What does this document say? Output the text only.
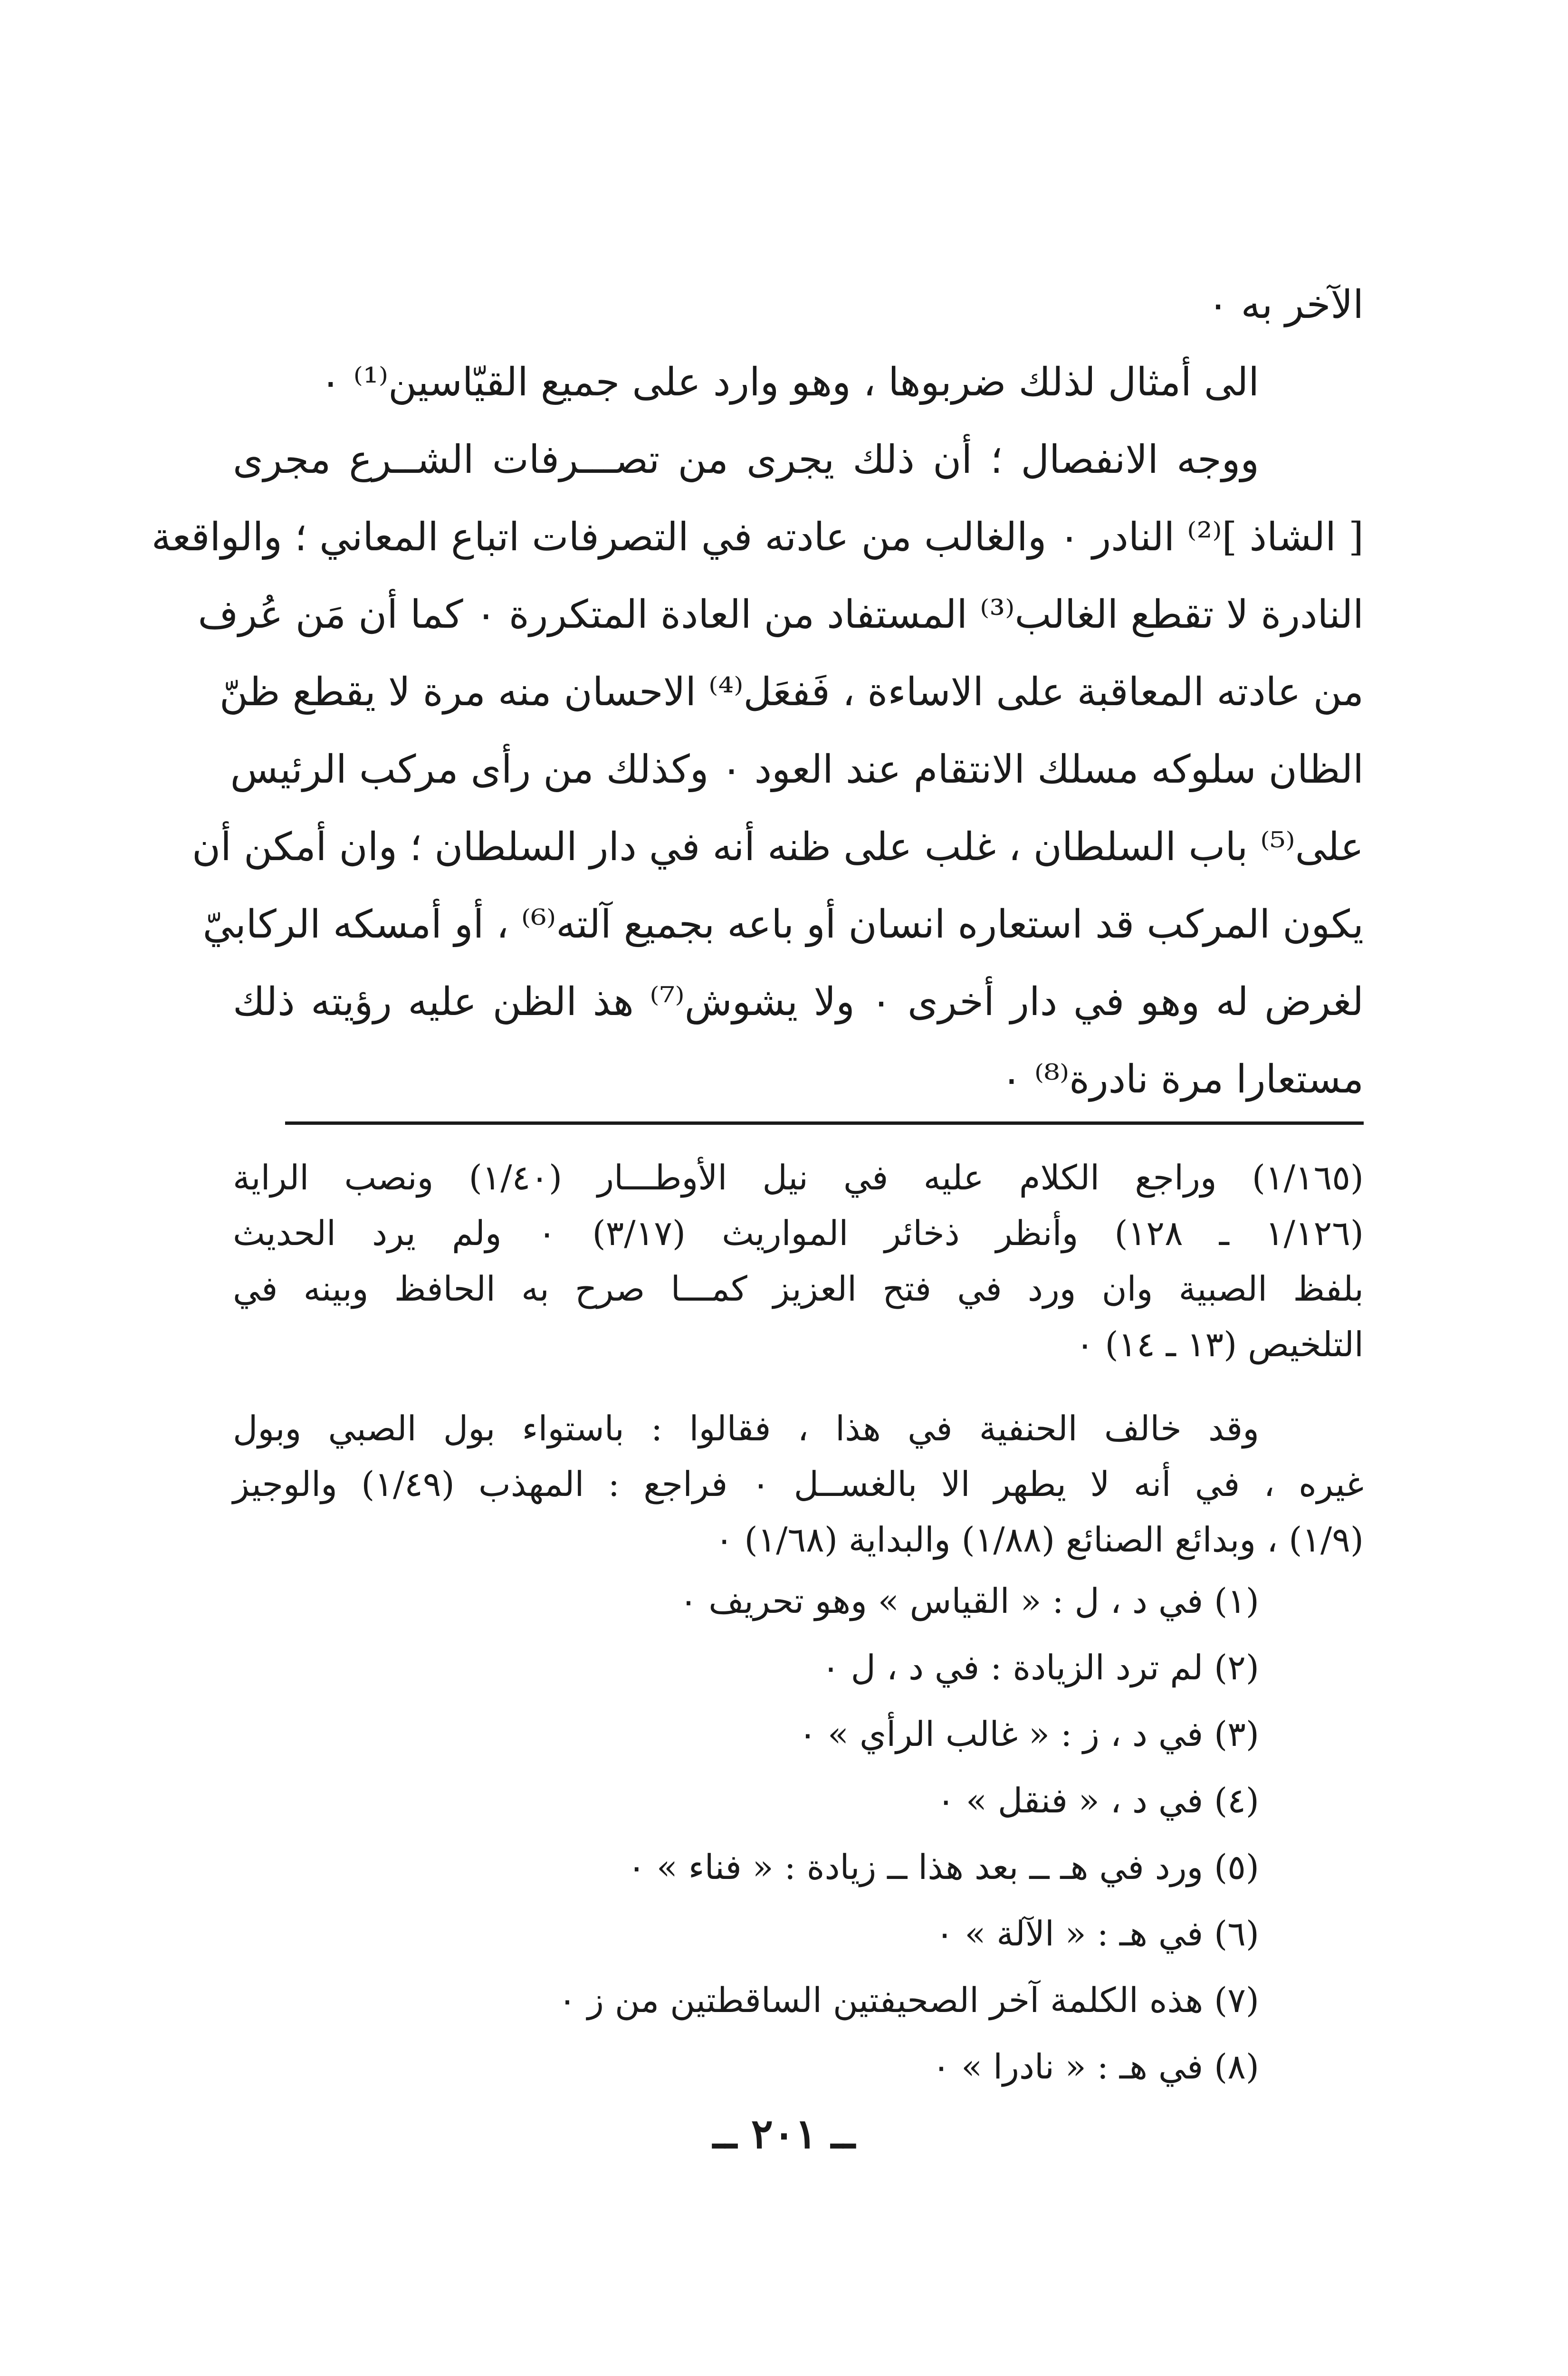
الآخر به ٠
الى أمثال لذلك ضربوها ، وهو وارد على جميع القيّاسين⁽¹⁾ ٠
ووجه الانفصال ؛ أن ذلك يجرى من تصـــرفات الشــرع مجرى
[ الشاذ ]⁽²⁾ النادر ٠ والغالب من عادته في التصرفات اتباع المعاني ؛ والواقعة
النادرة لا تقطع الغالب⁽³⁾ المستفاد من العادة المتكررة ٠ كما أن مَن عُرف
من عادته المعاقبة على الاساءة ، فَفعَل⁽⁴⁾ الاحسان منه مرة لا يقطع ظنّ
الظان سلوكه مسلك الانتقام عند العود ٠ وكذلك من رأى مركب الرئيس
على⁽⁵⁾ باب السلطان ، غلب على ظنه أنه في دار السلطان ؛ وان أمكن أن
يكون المركب قد استعاره انسان أو باعه بجميع آلته⁽⁶⁾ ، أو أمسكه الركابيّ
لغرض له وهو في دار أخرى ٠ ولا يشوش⁽⁷⁾ هذ الظن عليه رؤيته ذلك
مستعارا مرة نادرة⁽⁸⁾ ٠
(١/١٦٥) وراجع الكلام عليه في نيل الأوطـــار (١/٤٠) ونصب الراية
(١/١٢٦ ـ ١٢٨) وأنظر ذخائر المواريث (٣/١٧) ٠ ولم يرد الحديث
بلفظ الصبية وان ورد في فتح العزيز كمـــا صرح به الحافظ وبينه في
التلخيص (١٣ ـ ١٤) ٠
وقد خالف الحنفية في هذا ، فقالوا : باستواء بول الصبي وبول
غيره ، في أنه لا يطهر الا بالغســل ٠ فراجع : المهذب (١/٤٩) والوجيز
(١/٩) ، وبدائع الصنائع (١/٨٨) والبداية (١/٦٨) ٠
(١) في د ، ل : « القياس » وهو تحريف ٠
(٢) لم ترد الزيادة : في د ، ل ٠
(٣) في د ، ز : « غالب الرأي » ٠
(٤) في د ، « فنقل » ٠
(٥) ورد في هـ ــ بعد هذا ــ زيادة : « فناء » ٠
(٦) في هـ : « الآلة » ٠
(٧) هذه الكلمة آخر الصحيفتين الساقطتين من ز ٠
(٨) في هـ : « نادرا » ٠
ــ ٢٠١ ــ
